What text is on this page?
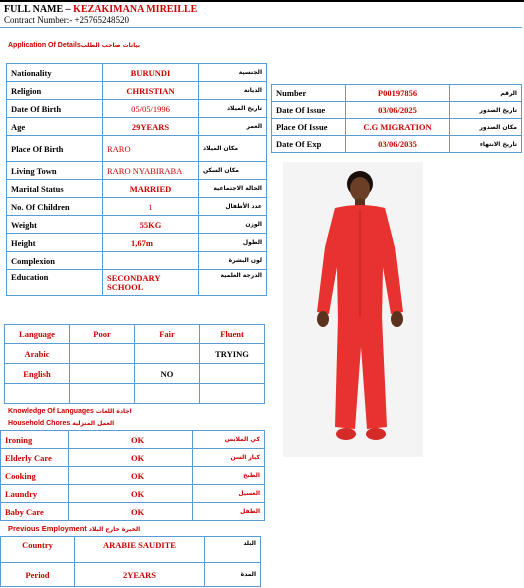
FULL NAME – KEZAKIMANA MIREILLE
Contract Number:- +25765248520
Application Of Detailsبيانات صاحب الطلب
Nationality	BURUNDI	الجنسية
Religion	CHRISTIAN	الديانة
Date Of Birth	05/05/1996	تاريخ الميلاد
Age	29YEARS	العمر
Place Of Birth	RARO	مكان الميلاد
Living Town	RARO NYABIRABA	مكان السكن
Marital Status	MARRIED	الحالة الاجتماعية
No. Of Children	1	عدد الأطفال
Weight	55KG	الوزن
Height	1,67m	الطول
Complexion		لون البشرة
Education	SECONDARY SCHOOL	الدرجة العلمية
Number	P00197856	الرقم
Date Of Issue	03/06/2025	تاريخ الصدور
Place Of Issue	C.G MIGRATION	مكان الصدور
Date Of Exp	03/06/2035	تاريخ الانتهاء
Language	Poor	Fair	Fluent
Arabic			TRYING
English		NO	

Knowledge Of Languages اجادة اللغات
Household Chores العمل المنزلية
Ironing	OK	كي الملابس
Elderly Care	OK	كبار السن
Cooking	OK	الطبخ
Laundry	OK	الغسيل
Baby Care	OK	الطفل
Previous Employment الخبرة خارج البلاد
Country	ARABIE SAUDITE	البلد
Period	2YEARS	المدة
